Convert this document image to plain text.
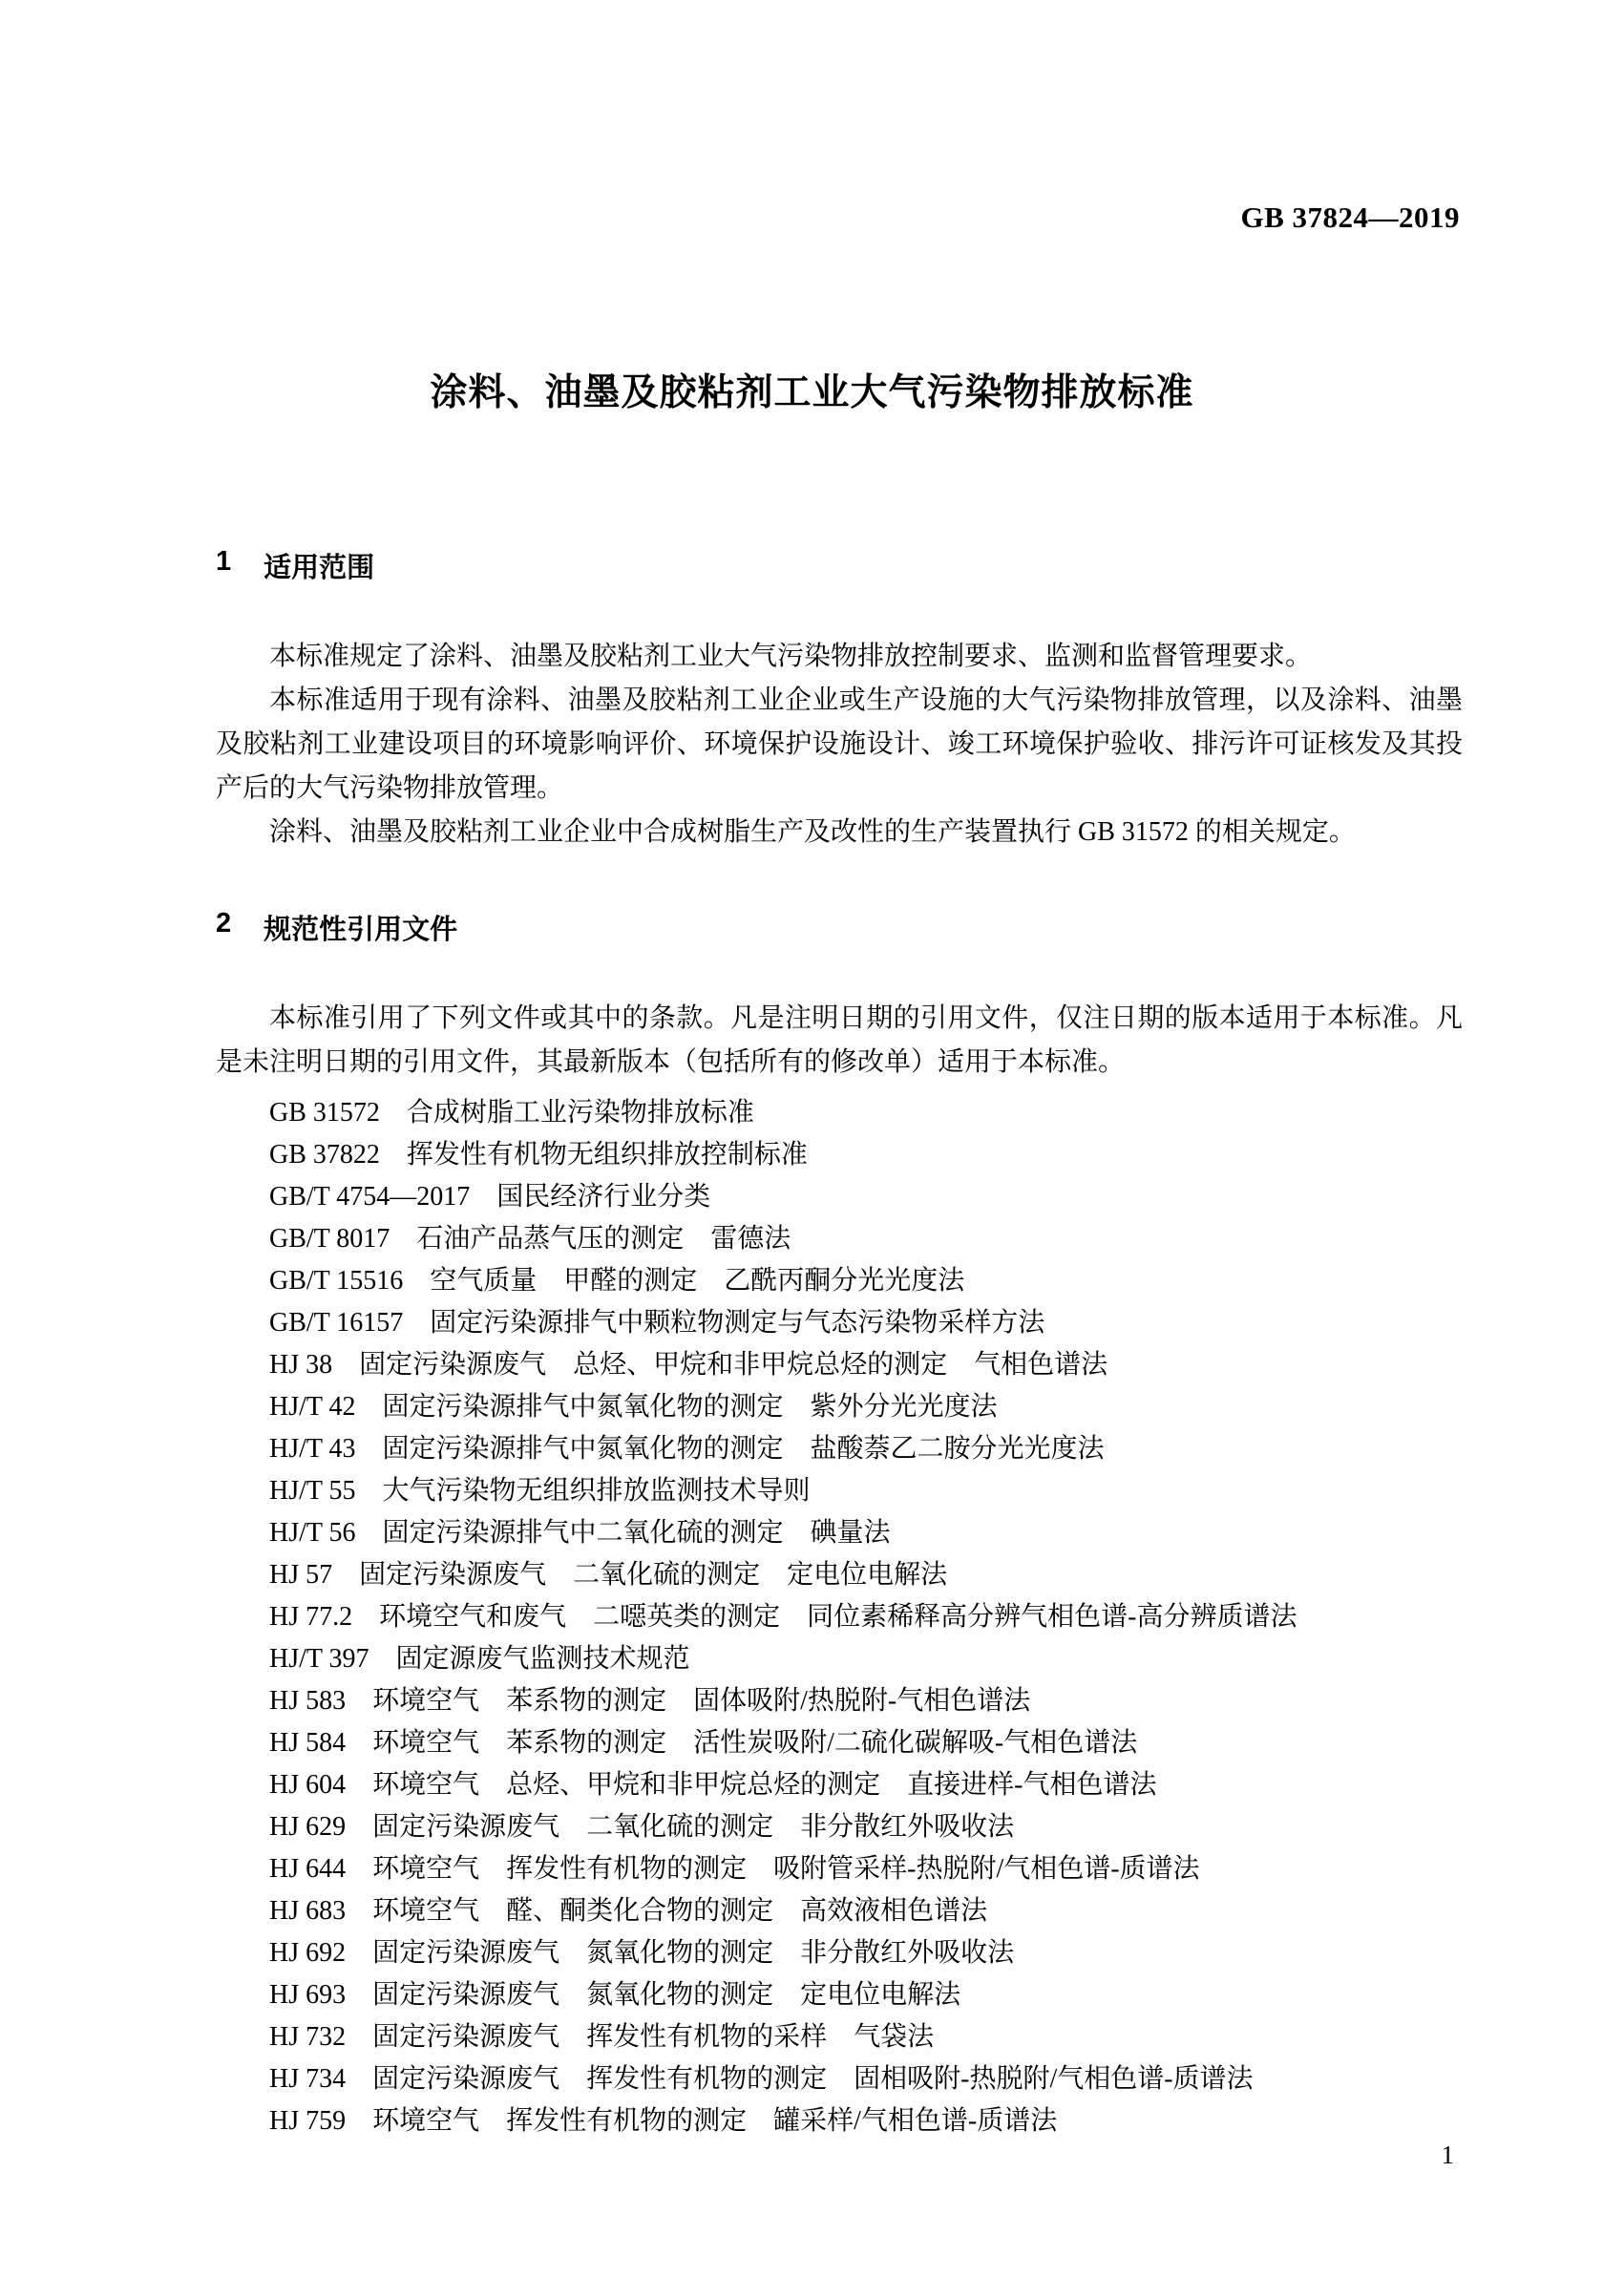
GB 37824—2019
涂料、油墨及胶粘剂工业大气污染物排放标准
1 适用范围

本标准规定了涂料、油墨及胶粘剂工业大气污染物排放控制要求、监测和监督管理要求。

本标准适用于现有涂料、油墨及胶粘剂工业企业或生产设施的大气污染物排放管理，以及涂料、油墨及胶粘剂工业建设项目的环境影响评价、环境保护设施设计、竣工环境保护验收、排污许可证核发及其投产后的大气污染物排放管理。

涂料、油墨及胶粘剂工业企业中合成树脂生产及改性的生产装置执行 GB 31572 的相关规定。

2 规范性引用文件

本标准引用了下列文件或其中的条款。凡是注明日期的引用文件，仅注日期的版本适用于本标准。凡是未注明日期的引用文件，其最新版本（包括所有的修改单）适用于本标准。

GB 31572　合成树脂工业污染物排放标准
GB 37822　挥发性有机物无组织排放控制标准
GB/T 4754—2017　国民经济行业分类
GB/T 8017　石油产品蒸气压的测定　雷德法
GB/T 15516　空气质量　甲醛的测定　乙酰丙酮分光光度法
GB/T 16157　固定污染源排气中颗粒物测定与气态污染物采样方法
HJ 38　固定污染源废气　总烃、甲烷和非甲烷总烃的测定　气相色谱法
HJ/T 42　固定污染源排气中氮氧化物的测定　紫外分光光度法
HJ/T 43　固定污染源排气中氮氧化物的测定　盐酸萘乙二胺分光光度法
HJ/T 55　大气污染物无组织排放监测技术导则
HJ/T 56　固定污染源排气中二氧化硫的测定　碘量法
HJ 57　固定污染源废气　二氧化硫的测定　定电位电解法
HJ 77.2　环境空气和废气　二噁英类的测定　同位素稀释高分辨气相色谱-高分辨质谱法
HJ/T 397　固定源废气监测技术规范
HJ 583　环境空气　苯系物的测定　固体吸附/热脱附-气相色谱法
HJ 584　环境空气　苯系物的测定　活性炭吸附/二硫化碳解吸-气相色谱法
HJ 604　环境空气　总烃、甲烷和非甲烷总烃的测定　直接进样-气相色谱法
HJ 629　固定污染源废气　二氧化硫的测定　非分散红外吸收法
HJ 644　环境空气　挥发性有机物的测定　吸附管采样-热脱附/气相色谱-质谱法
HJ 683　环境空气　醛、酮类化合物的测定　高效液相色谱法
HJ 692　固定污染源废气　氮氧化物的测定　非分散红外吸收法
HJ 693　固定污染源废气　氮氧化物的测定　定电位电解法
HJ 732　固定污染源废气　挥发性有机物的采样　气袋法
HJ 734　固定污染源废气　挥发性有机物的测定　固相吸附-热脱附/气相色谱-质谱法
HJ 759　环境空气　挥发性有机物的测定　罐采样/气相色谱-质谱法
1
